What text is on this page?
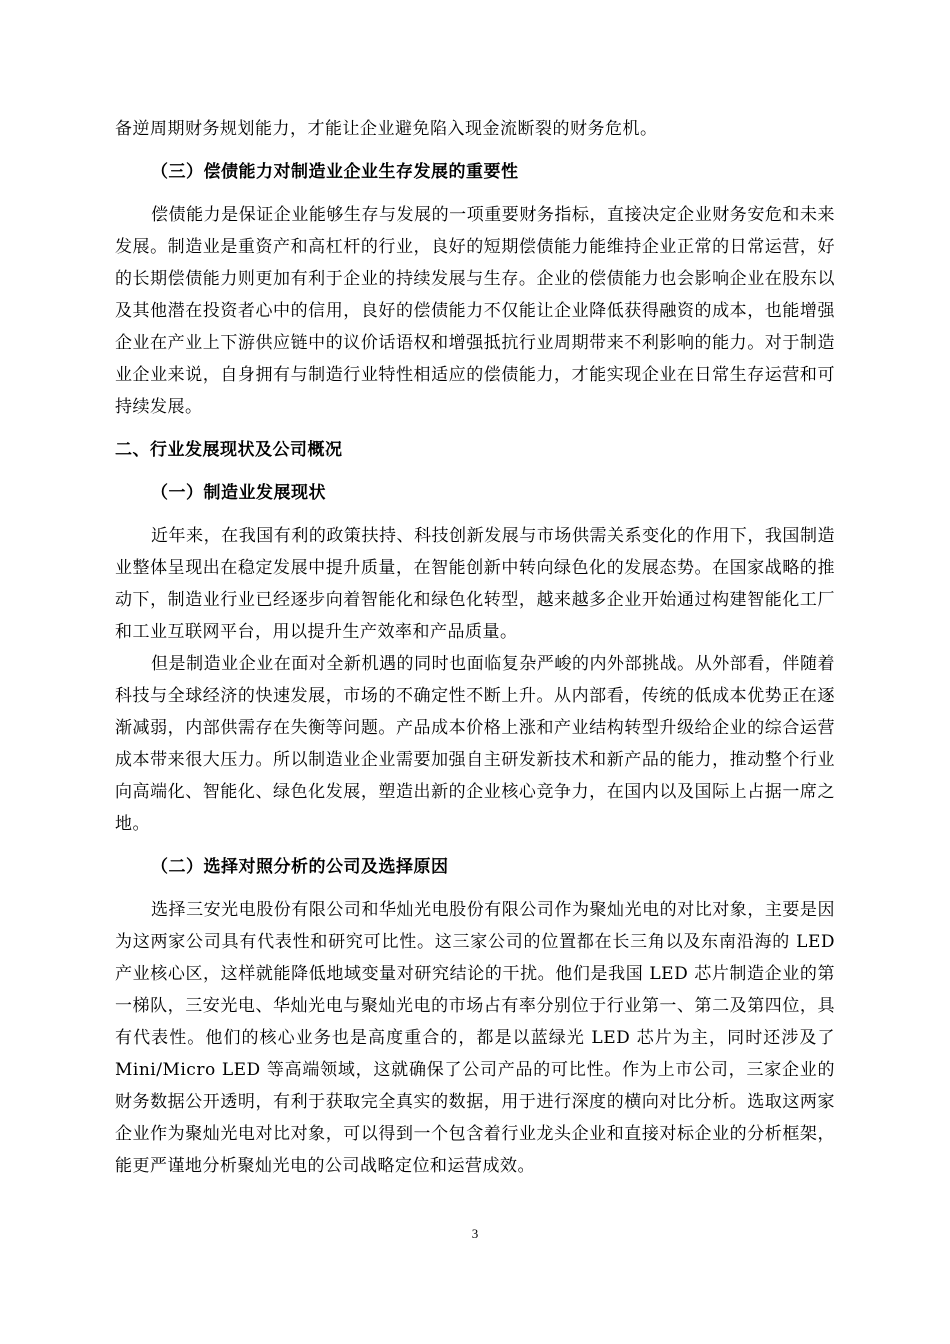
备逆周期财务规划能力，才能让企业避免陷入现金流断裂的财务危机。

（三）偿债能力对制造业企业生存发展的重要性

偿债能力是保证企业能够生存与发展的一项重要财务指标，直接决定企业财务安危和未来发展。制造业是重资产和高杠杆的行业，良好的短期偿债能力能维持企业正常的日常运营，好的长期偿债能力则更加有利于企业的持续发展与生存。企业的偿债能力也会影响企业在股东以及其他潜在投资者心中的信用，良好的偿债能力不仅能让企业降低获得融资的成本，也能增强企业在产业上下游供应链中的议价话语权和增强抵抗行业周期带来不利影响的能力。对于制造业企业来说，自身拥有与制造行业特性相适应的偿债能力，才能实现企业在日常生存运营和可持续发展。

二、行业发展现状及公司概况

（一）制造业发展现状

近年来，在我国有利的政策扶持、科技创新发展与市场供需关系变化的作用下，我国制造业整体呈现出在稳定发展中提升质量，在智能创新中转向绿色化的发展态势。在国家战略的推动下，制造业行业已经逐步向着智能化和绿色化转型，越来越多企业开始通过构建智能化工厂和工业互联网平台，用以提升生产效率和产品质量。

但是制造业企业在面对全新机遇的同时也面临复杂严峻的内外部挑战。从外部看，伴随着科技与全球经济的快速发展，市场的不确定性不断上升。从内部看，传统的低成本优势正在逐渐减弱，内部供需存在失衡等问题。产品成本价格上涨和产业结构转型升级给企业的综合运营成本带来很大压力。所以制造业企业需要加强自主研发新技术和新产品的能力，推动整个行业向高端化、智能化、绿色化发展，塑造出新的企业核心竞争力，在国内以及国际上占据一席之地。

（二）选择对照分析的公司及选择原因

选择三安光电股份有限公司和华灿光电股份有限公司作为聚灿光电的对比对象，主要是因为这两家公司具有代表性和研究可比性。这三家公司的位置都在长三角以及东南沿海的 LED 产业核心区，这样就能降低地域变量对研究结论的干扰。他们是我国 LED 芯片制造企业的第一梯队，三安光电、华灿光电与聚灿光电的市场占有率分别位于行业第一、第二及第四位，具有代表性。他们的核心业务也是高度重合的，都是以蓝绿光 LED 芯片为主，同时还涉及了 Mini/Micro LED 等高端领域，这就确保了公司产品的可比性。作为上市公司，三家企业的财务数据公开透明，有利于获取完全真实的数据，用于进行深度的横向对比分析。选取这两家企业作为聚灿光电对比对象，可以得到一个包含着行业龙头企业和直接对标企业的分析框架，能更严谨地分析聚灿光电的公司战略定位和运营成效。

3
